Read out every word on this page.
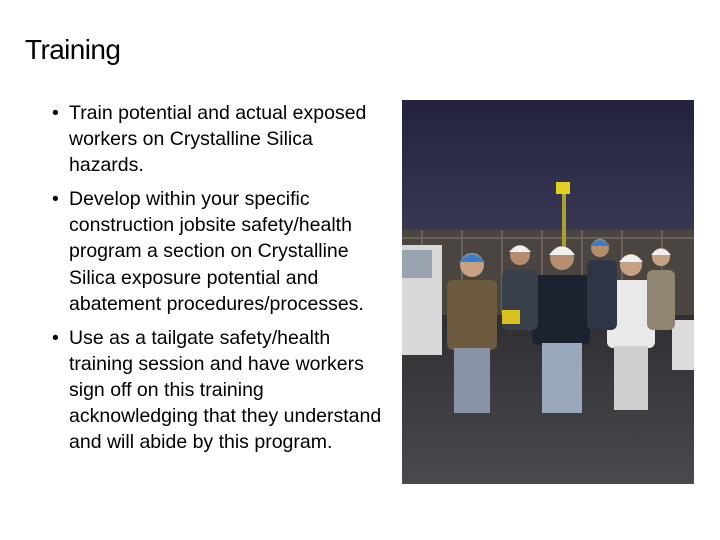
Training
• Train potential and actual exposed workers on Crystalline Silica hazards.
• Develop within your specific construction jobsite safety/health program a section on Crystalline Silica exposure potential and abatement procedures/processes.
• Use as a tailgate safety/health training session and have workers sign off on this training acknowledging that they understand and will abide by this program.
